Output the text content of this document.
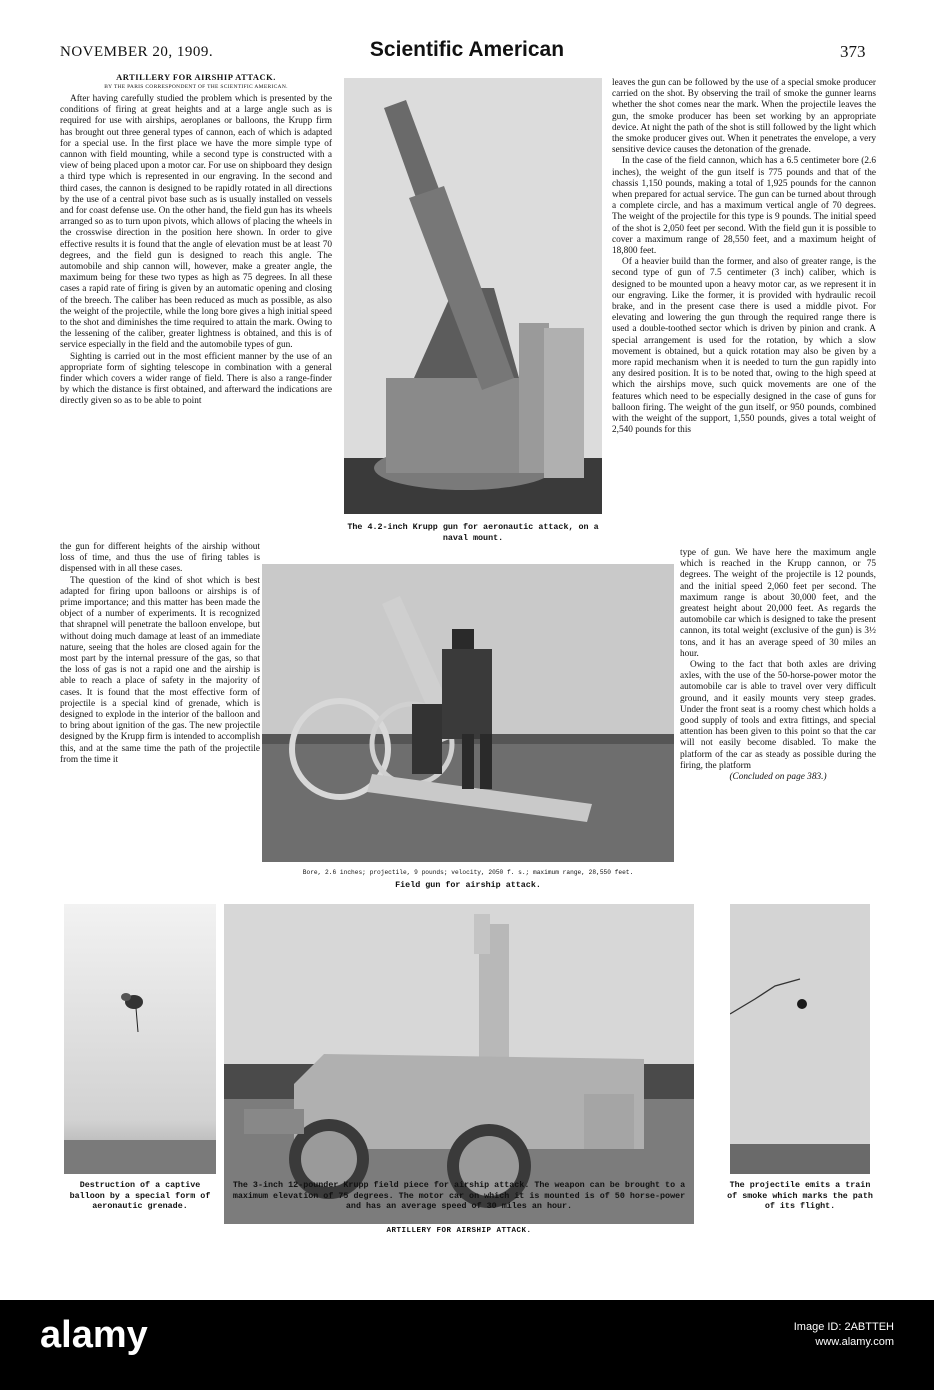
NOVEMBER 20, 1909.	Scientific American	373
ARTILLERY FOR AIRSHIP ATTACK.
BY THE PARIS CORRESPONDENT OF THE SCIENTIFIC AMERICAN.

After having carefully studied the problem which is presented by the conditions of firing at great heights and at a large angle such as is required for use with airships, aeroplanes or balloons, the Krupp firm has brought out three general types of cannon, each of which is adapted for a special use. In the first place we have the more simple type of cannon with field mounting, while a second type is constructed with a view of being placed upon a motor car. For use on shipboard they design a third type which is represented in our engraving. In the second and third cases, the cannon is designed to be rapidly rotated in all directions by the use of a central pivot base such as is usually installed on vessels and for coast defense use. On the other hand, the field gun has its wheels arranged so as to turn upon pivots, which allows of placing the wheels in the crosswise direction in the position here shown. In order to give effective results it is found that the angle of elevation must be at least 70 degrees, and the field gun is designed to reach this angle. The automobile and ship cannon will, however, make a greater angle, the maximum being for these two types as high as 75 degrees. In all these cases a rapid rate of firing is given by an automatic opening and closing of the breech. The caliber has been reduced as much as possible, as also the weight of the projectile, while the long bore gives a high initial speed to the shot and diminishes the time required to attain the mark. Owing to the lessening of the caliber, greater lightness is obtained, and this is of service especially in the field and the automobile types of gun.

Sighting is carried out in the most efficient manner by the use of an appropriate form of sighting telescope in combination with a general finder which covers a wider range of field. There is also a range-finder by which the distance is first obtained, and afterward the indications are directly given so as to be able to point

the gun for different heights of the airship without loss of time, and thus the use of firing tables is dispensed with in all these cases.

The question of the kind of shot which is best adapted for firing upon balloons or airships is of prime importance; and this matter has been made the object of a number of experiments. It is recognized that shrapnel will penetrate the balloon envelope, but without doing much damage at least of an immediate nature, seeing that the holes are closed again for the most part by the internal pressure of the gas, so that the loss of gas is not a rapid one and the airship is able to reach a place of safety in the majority of cases. It is found that the most effective form of projectile is a special kind of grenade, which is designed to explode in the interior of the balloon and to bring about ignition of the gas. The new projectile designed by the Krupp firm is intended to accomplish this, and at the same time the path of the projectile from the time it

The 4.2-inch Krupp gun for aeronautic attack, on a naval mount.

leaves the gun can be followed by the use of a special smoke producer carried on the shot. By observing the trail of smoke the gunner learns whether the shot comes near the mark. When the projectile leaves the gun, the smoke producer has been set working by an appropriate device. At night the path of the shot is still followed by the light which the smoke producer gives out. When it penetrates the envelope, a very sensitive device causes the detonation of the grenade.

In the case of the field cannon, which has a 6.5 centimeter bore (2.6 inches), the weight of the gun itself is 775 pounds and that of the chassis 1,150 pounds, making a total of 1,925 pounds for the cannon when prepared for actual service. The gun can be turned about through a complete circle, and has a maximum vertical angle of 70 degrees. The weight of the projectile for this type is 9 pounds. The initial speed of the shot is 2,050 feet per second. With the field gun it is possible to cover a maximum range of 28,550 feet, and a maximum height of 18,800 feet.

Of a heavier build than the former, and also of greater range, is the second type of gun of 7.5 centimeter (3 inch) caliber, which is designed to be mounted upon a heavy motor car, as we represent it in our engraving. Like the former, it is provided with hydraulic recoil brake, and in the present case there is used a middle pivot. For elevating and lowering the gun through the required range there is used a double-toothed sector which is driven by pinion and crank. A special arrangement is used for the rotation, by which a slow movement is obtained, but a quick rotation may also be given by a more rapid mechanism when it is needed to turn the gun rapidly into any desired position. It is to be noted that, owing to the high speed at which the airships move, such quick movements are one of the features which need to be especially designed in the case of guns for balloon firing. The weight of the gun itself, or 950 pounds, combined with the weight of the support, 1,550 pounds, gives a total weight of 2,540 pounds for this

type of gun. We have here the maximum angle which is reached in the Krupp cannon, or 75 degrees. The weight of the projectile is 12 pounds, and the initial speed 2,060 feet per second. The maximum range is about 30,000 feet, and the greatest height about 20,000 feet. As regards the automobile car which is designed to take the present cannon, its total weight (exclusive of the gun) is 3½ tons, and it has an average speed of 30 miles an hour.

Owing to the fact that both axles are driving axles, with the use of the 50-horse-power motor the automobile car is able to travel over very difficult ground, and it easily mounts very steep grades. Under the front seat is a roomy chest which holds a good supply of tools and extra fittings, and special attention has been given to this point so that the car will not easily become disabled. To make the platform of the car as steady as possible during the firing, the platform

(Concluded on page 383.)

Bore, 2.6 inches; projectile, 9 pounds; velocity, 2050 f. s.; maximum range, 28,550 feet.
Field gun for airship attack.
Destruction of a captive balloon by a special form of aeronautic grenade.
The 3-inch 12-pounder Krupp field piece for airship attack. The weapon can be brought to a maximum elevation of 75 degrees. The motor car on which it is mounted is of 50 horse-power and has an average speed of 30 miles an hour.
ARTILLERY FOR AIRSHIP ATTACK.
The projectile emits a train of smoke which marks the path of its flight.
alamy	Image ID: 2ABTTEH
www.alamy.com
